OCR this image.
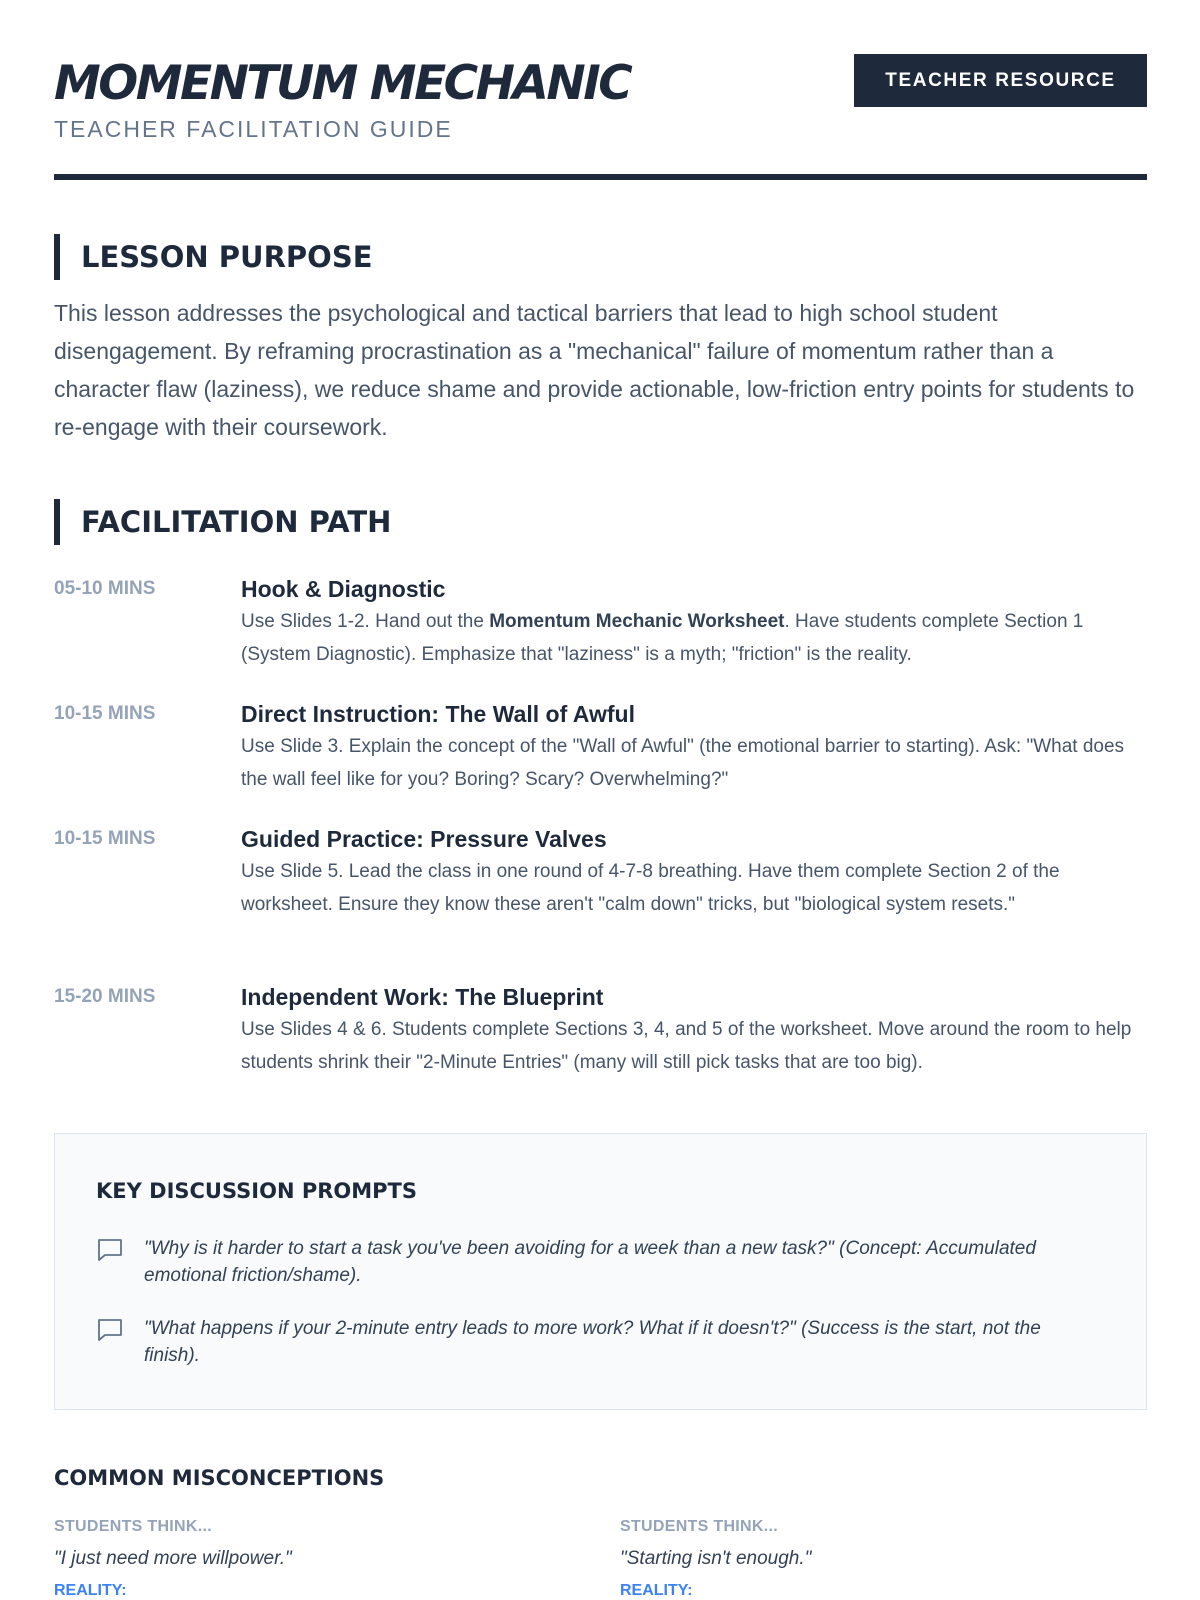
MOMENTUM MECHANIC
TEACHER FACILITATION GUIDE
TEACHER RESOURCE
LESSON PURPOSE

This lesson addresses the psychological and tactical barriers that lead to high school student disengagement. By reframing procrastination as a "mechanical" failure of momentum rather than a character flaw (laziness), we reduce shame and provide actionable, low-friction entry points for students to re-engage with their coursework.

FACILITATION PATH
05-10 MINS	Hook & Diagnostic
Use Slides 1-2. Hand out the Momentum Mechanic Worksheet. Have students complete Section 1 (System Diagnostic). Emphasize that "laziness" is a myth; "friction" is the reality.
10-15 MINS	Direct Instruction: The Wall of Awful
Use Slide 3. Explain the concept of the "Wall of Awful" (the emotional barrier to starting). Ask: "What does the wall feel like for you? Boring? Scary? Overwhelming?"
10-15 MINS	Guided Practice: Pressure Valves
Use Slide 5. Lead the class in one round of 4-7-8 breathing. Have them complete Section 2 of the worksheet. Ensure they know these aren't "calm down" tricks, but "biological system resets."
15-20 MINS	Independent Work: The Blueprint
Use Slides 4 & 6. Students complete Sections 3, 4, and 5 of the worksheet. Move around the room to help students shrink their "2-Minute Entries" (many will still pick tasks that are too big).
KEY DISCUSSION PROMPTS

"Why is it harder to start a task you've been avoiding for a week than a new task?" (Concept: Accumulated emotional friction/shame).

"What happens if your 2-minute entry leads to more work? What if it doesn't?" (Success is the start, not the finish).

COMMON MISCONCEPTIONS
STUDENTS THINK...
"I just need more willpower."
REALITY:
STUDENTS THINK...
"Starting isn't enough."
REALITY:
